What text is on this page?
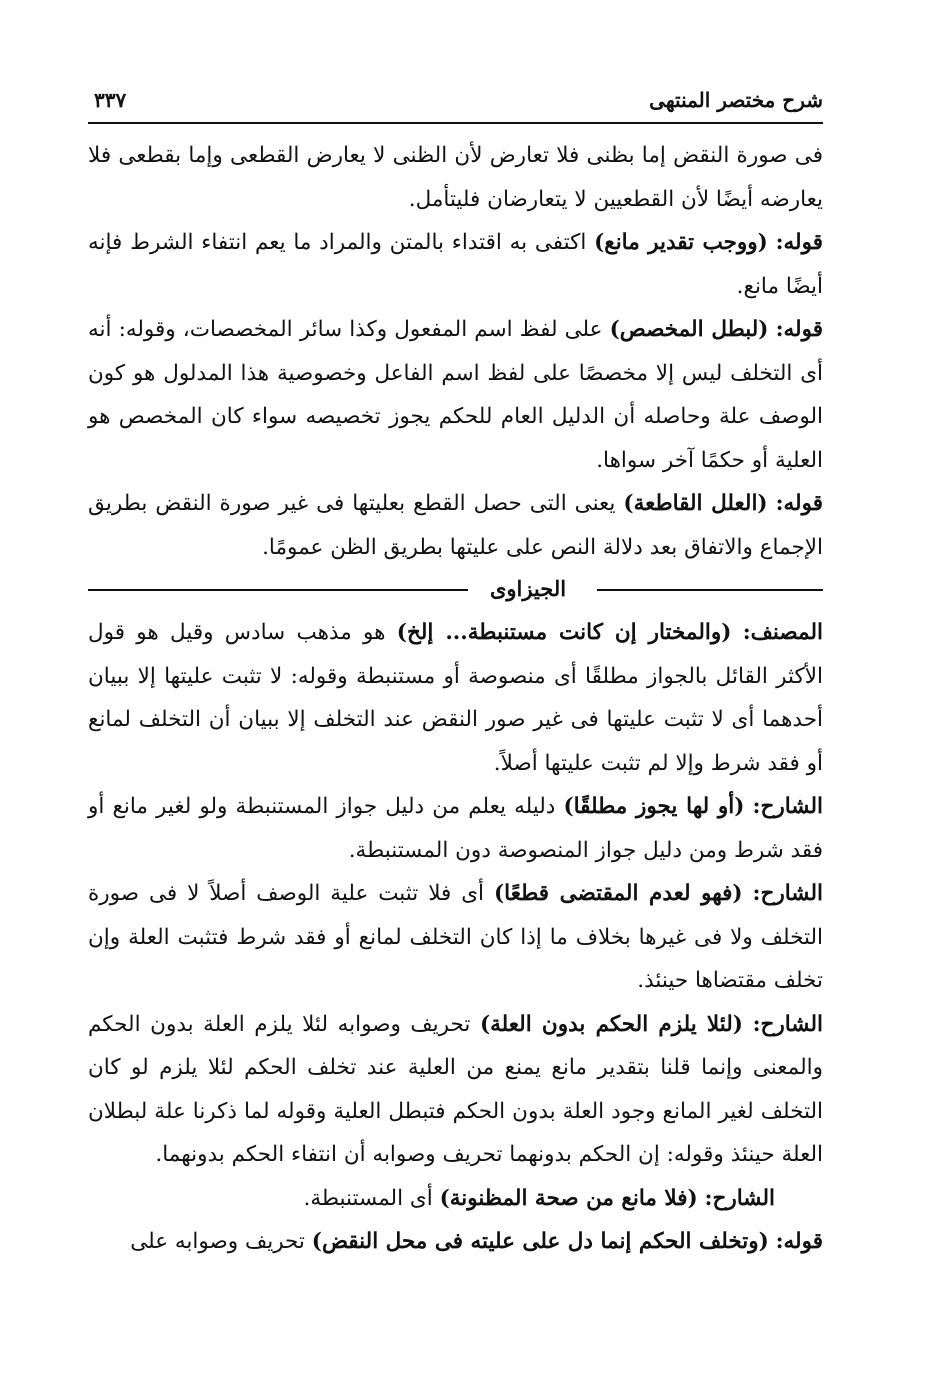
شرح مختصر المنتهى
٣٣٧

فى صورة النقض إما بظنى فلا تعارض لأن الظنى لا يعارض القطعى وإما بقطعى فلا يعارضه أيضًا لأن القطعيين لا يتعارضان فليتأمل.

قوله: (ووجب تقدير مانع) اكتفى به اقتداء بالمتن والمراد ما يعم انتفاء الشرط فإنه أيضًا مانع.

قوله: (لبطل المخصص) على لفظ اسم المفعول وكذا سائر المخصصات، وقوله: أنه أى التخلف ليس إلا مخصصًا على لفظ اسم الفاعل وخصوصية هذا المدلول هو كون الوصف علة وحاصله أن الدليل العام للحكم يجوز تخصيصه سواء كان المخصص هو العلية أو حكمًا آخر سواها.

قوله: (العلل القاطعة) يعنى التى حصل القطع بعليتها فى غير صورة النقض بطريق الإجماع والاتفاق بعد دلالة النص على عليتها بطريق الظن عمومًا.

الجيزاوى

المصنف: (والمختار إن كانت مستنبطة... إلخ) هو مذهب سادس وقيل هو قول الأكثر القائل بالجواز مطلقًا أى منصوصة أو مستنبطة وقوله: لا تثبت عليتها إلا ببيان أحدهما أى لا تثبت عليتها فى غير صور النقض عند التخلف إلا ببيان أن التخلف لمانع أو فقد شرط وإلا لم تثبت عليتها أصلاً.

الشارح: (أو لها يجوز مطلقًا) دليله يعلم من دليل جواز المستنبطة ولو لغير مانع أو فقد شرط ومن دليل جواز المنصوصة دون المستنبطة.

الشارح: (فهو لعدم المقتضى قطعًا) أى فلا تثبت علية الوصف أصلاً لا فى صورة التخلف ولا فى غيرها بخلاف ما إذا كان التخلف لمانع أو فقد شرط فتثبت العلة وإن تخلف مقتضاها حينئذ.

الشارح: (لئلا يلزم الحكم بدون العلة) تحريف وصوابه لئلا يلزم العلة بدون الحكم والمعنى وإنما قلنا بتقدير مانع يمنع من العلية عند تخلف الحكم لئلا يلزم لو كان التخلف لغير المانع وجود العلة بدون الحكم فتبطل العلية وقوله لما ذكرنا علة لبطلان العلة حينئذ وقوله: إن الحكم بدونهما تحريف وصوابه أن انتفاء الحكم بدونهما.

الشارح: (فلا مانع من صحة المظنونة) أى المستنبطة.

قوله: (وتخلف الحكم إنما دل على عليته فى محل النقض) تحريف وصوابه على
